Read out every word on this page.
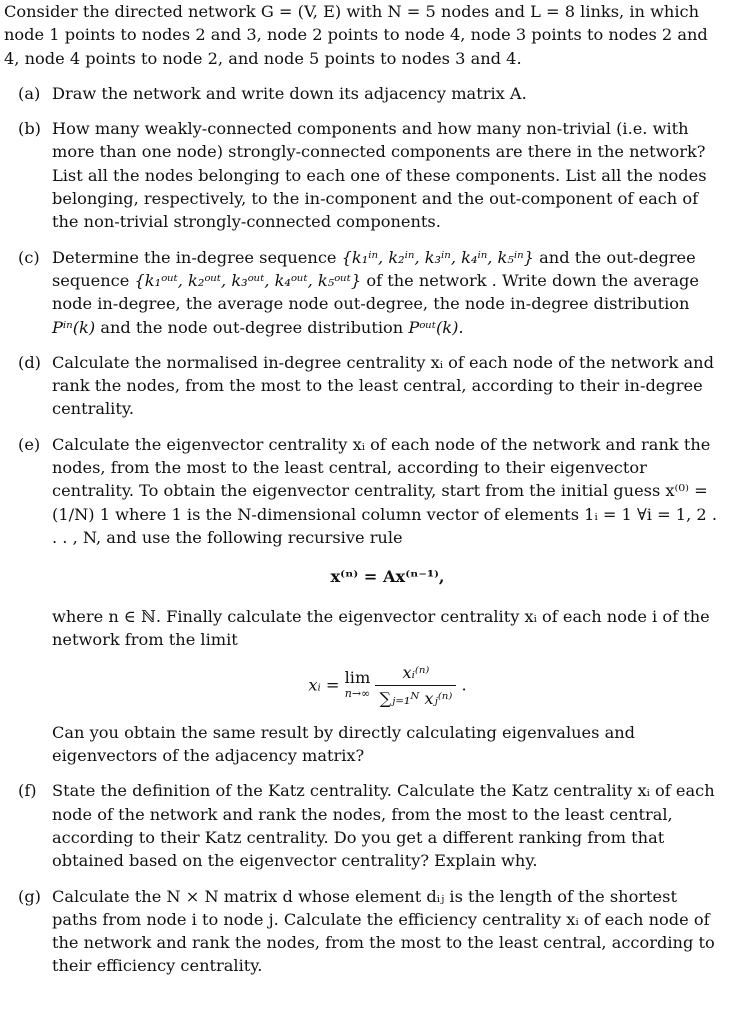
Consider the directed network G = (V, E) with N = 5 nodes and L = 8 links, in which node 1 points to nodes 2 and 3, node 2 points to node 4, node 3 points to nodes 2 and 4, node 4 points to node 2, and node 5 points to nodes 3 and 4.

(a) Draw the network and write down its adjacency matrix A.

(b) How many weakly-connected components and how many non-trivial (i.e. with more than one node) strongly-connected components are there in the network? List all the nodes belonging to each one of these components. List all the nodes belonging, respectively, to the in-component and the out-component of each of the non-trivial strongly-connected components.

(c) Determine the in-degree sequence {k₁ⁱⁿ, k₂ⁱⁿ, k₃ⁱⁿ, k₄ⁱⁿ, k₅ⁱⁿ} and the out-degree sequence {k₁ᵒᵘᵗ, k₂ᵒᵘᵗ, k₃ᵒᵘᵗ, k₄ᵒᵘᵗ, k₅ᵒᵘᵗ} of the network . Write down the average node in-degree, the average node out-degree, the node in-degree distribution Pⁱⁿ(k) and the node out-degree distribution Pᵒᵘᵗ(k).

(d) Calculate the normalised in-degree centrality xᵢ of each node of the network and rank the nodes, from the most to the least central, according to their in-degree centrality.

(e) Calculate the eigenvector centrality xᵢ of each node of the network and rank the nodes, from the most to the least central, according to their eigenvector centrality. To obtain the eigenvector centrality, start from the initial guess x⁽⁰⁾ = (1/N) 1 where 1 is the N-dimensional column vector of elements 1ᵢ = 1 ∀i = 1, 2 . . . , N, and use the following recursive rule

x⁽ⁿ⁾ = Ax⁽ⁿ⁻¹⁾,

where n ∈ ℕ. Finally calculate the eigenvector centrality xᵢ of each node i of the network from the limit

xᵢ = lim
n→∞
$\frac{\text{xᵢ⁽ⁿ⁾}}{\text{∑ⱼ₌₁ᴺ xⱼ⁽ⁿ⁾}}$ .

Can you obtain the same result by directly calculating eigenvalues and eigenvectors of the adjacency matrix?

(f) State the definition of the Katz centrality. Calculate the Katz centrality xᵢ of each node of the network and rank the nodes, from the most to the least central, according to their Katz centrality. Do you get a different ranking from that obtained based on the eigenvector centrality? Explain why.

(g) Calculate the N × N matrix d whose element dᵢⱼ is the length of the shortest paths from node i to node j. Calculate the efficiency centrality xᵢ of each node of the network and rank the nodes, from the most to the least central, according to their efficiency centrality.
